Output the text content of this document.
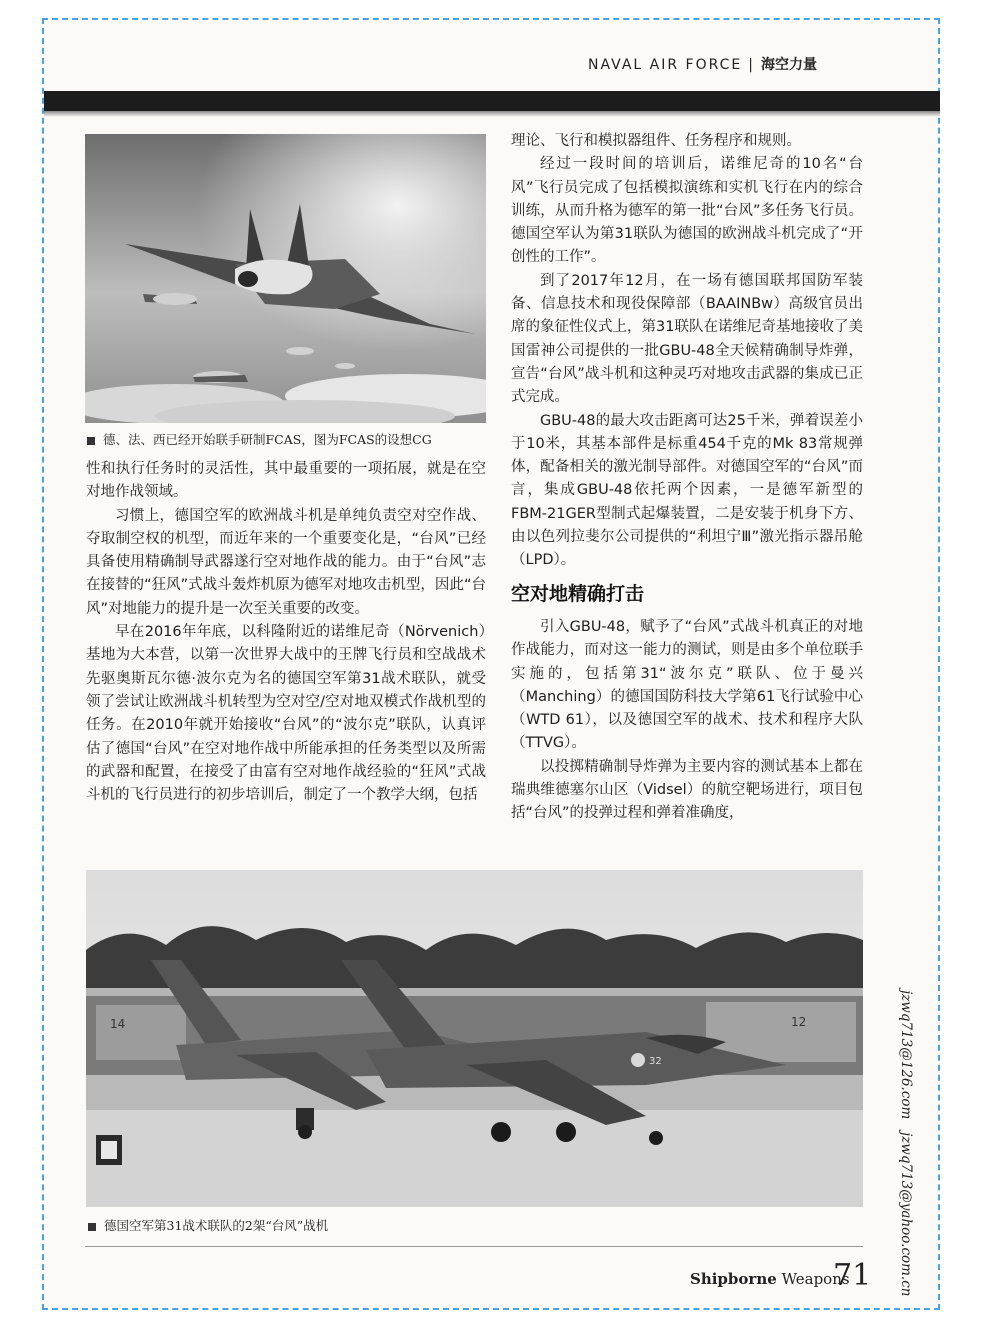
NAVAL AIR FORCE | 海空力量
德、法、西已经开始联手研制FCAS，图为FCAS的设想CG

性和执行任务时的灵活性，其中最重要的一项拓展，就是在空对地作战领域。

习惯上，德国空军的欧洲战斗机是单纯负责空对空作战、夺取制空权的机型，而近年来的一个重要变化是，“台风”已经具备使用精确制导武器遂行空对地作战的能力。由于“台风”志在接替的“狂风”式战斗轰炸机原为德军对地攻击机型，因此“台风”对地能力的提升是一次至关重要的改变。

早在2016年年底，以科隆附近的诺维尼奇（Nörvenich）基地为大本营，以第一次世界大战中的王牌飞行员和空战战术先驱奥斯瓦尔德·波尔克为名的德国空军第31战术联队，就受领了尝试让欧洲战斗机转型为空对空/空对地双模式作战机型的任务。在2010年就开始接收“台风”的“波尔克”联队，认真评估了德国“台风”在空对地作战中所能承担的任务类型以及所需的武器和配置，在接受了由富有空对地作战经验的“狂风”式战斗机的飞行员进行的初步培训后，制定了一个教学大纲，包括

理论、飞行和模拟器组件、任务程序和规则。

经过一段时间的培训后，诺维尼奇的10名“台风”飞行员完成了包括模拟演练和实机飞行在内的综合训练，从而升格为德军的第一批“台风”多任务飞行员。德国空军认为第31联队为德国的欧洲战斗机完成了“开创性的工作”。

到了2017年12月，在一场有德国联邦国防军装备、信息技术和现役保障部（BAAINBw）高级官员出席的象征性仪式上，第31联队在诺维尼奇基地接收了美国雷神公司提供的一批GBU-48全天候精确制导炸弹，宣告“台风”战斗机和这种灵巧对地攻击武器的集成已正式完成。

GBU-48的最大攻击距离可达25千米，弹着误差小于10米，其基本部件是标重454千克的Mk 83常规弹体，配备相关的激光制导部件。对德国空军的“台风”而言，集成GBU-48依托两个因素，一是德军新型的FBM-21GER型制式起爆装置，二是安装于机身下方、由以色列拉斐尔公司提供的“利坦宁Ⅲ”激光指示器吊舱（LPD）。

空对地精确打击

引入GBU-48，赋予了“台风”式战斗机真正的对地作战能力，而对这一能力的测试，则是由多个单位联手实施的，包括第31“波尔克”联队、位于曼兴（Manching）的德国国防科技大学第61飞行试验中心（WTD 61），以及德国空军的战术、技术和程序大队（TTVG）。

以投掷精确制导炸弹为主要内容的测试基本上都在瑞典维德塞尔山区（Vidsel）的航空靶场进行，项目包括“台风”的投弹过程和弹着准确度，

14	12
32
德国空军第31战术联队的2架“台风”战机
Shipborne Weapons
71
jzwq713@126.com
jzwq713@yahoo.com.cn
